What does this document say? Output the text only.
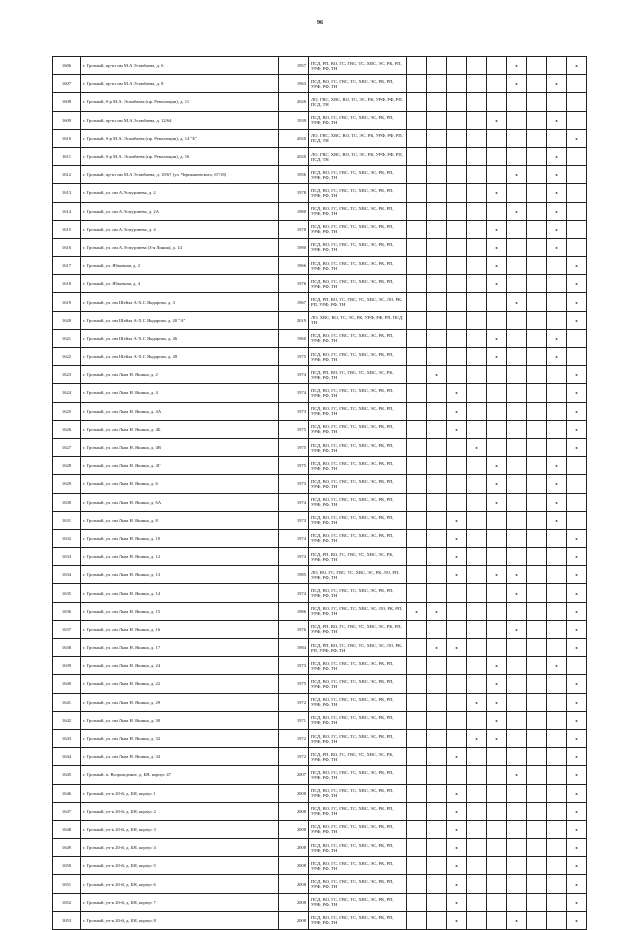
96
1606	г. Грозный, пр-кт им М.А Эсамбаева, д. 6	1957	ПСД, РП, ВО, ГС, ГВС, ТС, ХВС, ЭС, РК, РП, УРФ, РФ, ТН						x			x
1607	г. Грозный, пр-кт им М.А Эсамбаева, д. 8	1963	ПСД, ВО, ГС, ГВС, ТС, ХВС, ЭС, РК, РП, УРФ, РФ, ТН						x		x	
1608	г. Грозный, б-р М.А. Эсамбаева (пр. Революции), д. 11	2020	ЛО, ГВС, ХВС, ВО, ТС, ЭС, РК, УРФ, РФ, РП, ПСД, ТН									
1609	г. Грозный, пр-кт им М.А Эсамбаева, д. 12/64	1939	ПСД, ВО, ГС, ГВС, ТС, ХВС, ЭС, РК, РП, УРФ, РФ, ТН					x			x	
1610	г. Грозный, б-р М.А. Эсамбаева (пр. Революции), д. 14 "Б"	2020	ЛО, ГВС, ХВС, ВО, ТС, ЭС, РК, УРФ, РФ, РП, ПСД, ТН									x
1611	г. Грозный, б-р М.А. Эсамбаева (пр. Революции), д. 16	2020	ЛО, ГВС, ХВС, ВО, ТС, ЭС, РК, УРФ, РФ, РП, ПСД, ТН								x	
1612	г. Грозный, пр-кт им М.А Эсамбаева, д. 18/67 (ул. Чернышевского, 67/18)	1956	ПСД, ВО, ГС, ГВС, ТС, ХВС, ЭС, РК, РП, УРФ, РФ, ТН						x		x	
1613	г. Грозный, ул. им А.Эсмурзиева, д. 2	1978	ПСД, ВО, ГС, ГВС, ТС, ХВС, ЭС, РК, РП, УРФ, РФ, ТН					x			x	
1614	г. Грозный, ул. им А.Эсмурзиева, д. 2А	1980	ПСД, ВО, ГС, ГВС, ТС, ХВС, ЭС, РК, РП, УРФ, РФ, ТН						x		x	
1615	г. Грозный, ул. им А.Эсмурзиева, д. 4	1978	ПСД, ВО, ГС, ГВС, ТС, ХВС, ЭС, РК, РП, УРФ, РФ, ТН					x			x	
1616	г. Грозный, ул. им А.Эсмурзиева (З-я Линия), д. 14	1980	ПСД, ВО, ГС, ГВС, ТС, ХВС, ЭС, РК, РП, УРФ, РФ, ТН					x			x	
1617	г. Грозный, ул. Ябкачная, д. 2	1966	ПСД, ВО, ГС, ГВС, ТС, ХВС, ЭС, РК, РП, УРФ, РФ, ТН					x				x
1618	г. Грозный, ул. Ябкачная, д. 4	1976	ПСД, ВО, ГС, ГВС, ТС, ХВС, ЭС, РК, РП, УРФ, РФ, ТН					x				x
1619	г. Грозный, ул. им Шейха А-Х.С Яндарова, д. 3	1967	ПСД, РП, ВО, ГС, ГВС, ТС, ХВС, ЭС, ЛО, РК, РП, УРФ, РФ, ТН						x			x
1620	г. Грозный, ул. им Шейха А-Х.С Яндарова, д. 20 "А"	2019	ЛО, ХВС, ВО, ТС, ЭС, РК, УРФ, РФ, РП, ПСД, ТН									x
1621	г. Грозный, ул. им Шейха А-Х.С Яндарова, д. 26	1960	ПСД, ВО, ГС, ГВС, ТС, ХВС, ЭС, РК, РП, УРФ, РФ, ТН					x			x	
1622	г. Грозный, ул. им Шейха А-Х.С Яндарова, д. 28	1975	ПСД, ВО, ГС, ГВС, ТС, ХВС, ЭС, РК, РП, УРФ, РФ, ТН					x			x	
1623	г. Грозный, ул. им Льва Н. Яшина, д. 2	1974	ПСД, РП, ВО, ГС, ГВС, ТС, ХВС, ЭС, РК, УРФ, РФ, ТН		x							x
1624	г. Грозный, ул. им Льва Н. Яшина, д. 4	1974	ПСД, ВО, ГС, ГВС, ТС, ХВС, ЭС, РК, РП, УРФ, РФ, ТН			x						x
1625	г. Грозный, ул. им Льва Н. Яшина, д. 4А	1973	ПСД, ВО, ГС, ГВС, ТС, ХВС, ЭС, РК, РП, УРФ, РФ, ТН			x						x
1626	г. Грозный, ул. им Льва Н. Яшина, д. 4Б	1975	ПСД, ВО, ГС, ГВС, ТС, ХВС, ЭС, РК, РП, УРФ, РФ, ТН			x						x
1627	г. Грозный, ул. им Льва Н. Яшина, д. 4В	1975	ПСД, ВО, ГС, ГВС, ТС, ХВС, ЭС, РК, РП, УРФ, РФ, ТН				x					x
1628	г. Грозный, ул. им Льва Н. Яшина, д. 4Г	1975	ПСД, ВО, ГС, ГВС, ТС, ХВС, ЭС, РК, РП, УРФ, РФ, ТН					x			x	
1629	г. Грозный, ул. им Льва Н. Яшина, д. 6	1973	ПСД, ВО, ГС, ГВС, ТС, ХВС, ЭС, РК, РП, УРФ, РФ, ТН					x			x	
1630	г. Грозный, ул. им Льва Н. Яшина, д. 6А	1974	ПСД, ВО, ГС, ГВС, ТС, ХВС, ЭС, РК, РП, УРФ, РФ, ТН					x			x	
1631	г. Грозный, ул. им Льва Н. Яшина, д. 8	1973	ПСД, ВО, ГС, ГВС, ТС, ХВС, ЭС, РК, РП, УРФ, РФ, ТН			x					x	
1632	г. Грозный, ул. им Льва Н. Яшина, д. 10	1974	ПСД, ВО, ГС, ГВС, ТС, ХВС, ЭС, РК, РП, УРФ, РФ, ТН			x						x
1633	г. Грозный, ул. им Льва Н. Яшина, д. 12	1974	ПСД, РП, ВО, ГС, ГВС, ТС, ХВС, ЭС, РК, УРФ, РФ, ТН			x						x
1634	г. Грозный, ул. им Льва Н. Яшина, д. 13	1985	ЛО, ВО, ГС, ГВС, ТС, ХВС, ЭС, РК, ЛО, РП, УРФ, РФ, ТН			x		x	x			x
1635	г. Грозный, ул. им Льва Н. Яшина, д. 14	1974	ПСД, ВО, ГС, ГВС, ТС, ХВС, ЭС, РК, РП, УРФ, РФ, ТН						x			x
1636	г. Грозный, ул. им Льва Н. Яшина, д. 15	1986	ПСД, ВО, ГС, ГВС, ТС, ХВС, ЭС, ЛО, РК, РП, УРФ, РФ, ТН	x	x							x
1637	г. Грозный, ул. им Льва Н. Яшина, д. 16	1976	ПСД, РП, ВО, ГС, ГВС, ТС, ХВС, ЭС, РК, РП, УРФ, РФ, ТН						x			x
1638	г. Грозный, ул. им Льва Н. Яшина, д. 17	1984	ПСД, РП, ВО, ГС, ГВС, ТС, ХВС, ЭС, ЛО, РК, РП, УРФ, РФ, ТН		x	x						x
1639	г. Грозный, ул. им Льва Н. Яшина, д. 24	1973	ПСД, ВО, ГС, ГВС, ТС, ХВС, ЭС, РК, РП, УРФ, РФ, ТН					x			x	
1640	г. Грозный, ул. им Льва Н. Яшина, д. 22	1975	ПСД, ВО, ГС, ГВС, ТС, ХВС, ЭС, РК, РП, УРФ, РФ, ТН					x				x
1641	г. Грозный, ул. им Льва Н. Яшина, д. 29	1972	ПСД, ВО, ГС, ГВС, ТС, ХВС, ЭС, РК, РП, УРФ, РФ, ТН				x	x				x
1642	г. Грозный, ул. им Льва Н. Яшина, д. 30	1971	ПСД, ВО, ГС, ГВС, ТС, ХВС, ЭС, РК, РП, УРФ, РФ, ТН					x				x
1643	г. Грозный, ул. им Льва Н. Яшина, д. 32	1972	ПСД, ВО, ГС, ГВС, ТС, ХВС, ЭС, РК, РП, УРФ, РФ, ТН				x	x				x
1644	г. Грозный, ул. им Льва Н. Яшина, д. 34	1972	ПСД, РП, ВО, ГС, ГВС, ТС, ХВС, ЭС, РК, УРФ, РФ, ТН			x						x
1645	г. Грозный, п. Возрождение, д. БН, корпус 47	2007	ПСД, ВО, ГС, ГВС, ТС, ХВС, ЭС, РК, РП, УРФ, РФ, ТН						x			x
1646	г. Грозный, уч-к 20-й, д. БН, корпус 1	2008	ПСД, ВО, ГС, ГВС, ТС, ХВС, ЭС, РК, РП, УРФ, РФ, ТН			x						x
1647	г. Грозный, уч-к 20-й, д. БН, корпус 2	2008	ПСД, ВО, ГС, ГВС, ТС, ХВС, ЭС, РК, РП, УРФ, РФ, ТН			x						x
1648	г. Грозный, уч-к 20-й, д. БН, корпус 3	2008	ПСД, ВО, ГС, ГВС, ТС, ХВС, ЭС, РК, РП, УРФ, РФ, ТН			x						x
1649	г. Грозный, уч-к 20-й, д. БН, корпус 4	2008	ПСД, ВО, ГС, ГВС, ТС, ХВС, ЭС, РК, РП, УРФ, РФ, ТН			x						x
1650	г. Грозный, уч-к 20-й, д. БН, корпус 5	2008	ПСД, ВО, ГС, ГВС, ТС, ХВС, ЭС, РК, РП, УРФ, РФ, ТН			x						x
1651	г. Грозный, уч-к 20-й, д. БН, корпус 6	2008	ПСД, ВО, ГС, ГВС, ТС, ХВС, ЭС, РК, РП, УРФ, РФ, ТН			x						x
1652	г. Грозный, уч-к 20-й, д. БН, корпус 7	2008	ПСД, ВО, ГС, ГВС, ТС, ХВС, ЭС, РК, РП, УРФ, РФ, ТН			x						x
1653	г. Грозный, уч-к 20-й, д. БН, корпус 8	2008	ПСД, ВО, ГС, ГВС, ТС, ХВС, ЭС, РК, РП, УРФ, РФ, ТН			x			x			x
